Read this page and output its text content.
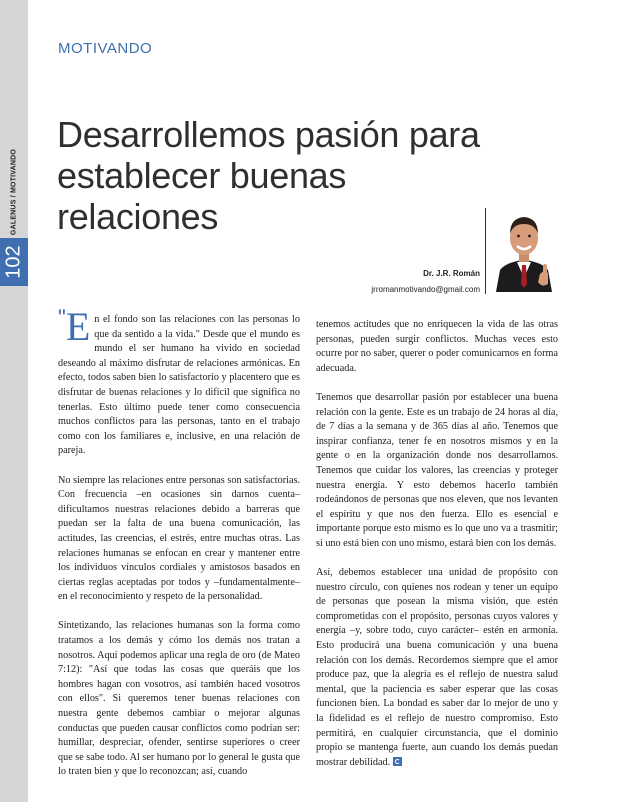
GALENUS / MOTIVANDO
102
MOTIVANDO
Desarrollemos pasión para establecer buenas relaciones
Dr. J.R. Román
jrromanmotivando@gmail.com

"E n el fondo son las relaciones con las personas lo que da sentido a la vida." Desde que el mundo es mundo el ser humano ha vivido en sociedad deseando al máximo disfrutar de relaciones armónicas. En efecto, todos saben bien lo satisfactorio y placentero que es disfrutar de buenas relaciones y lo difícil que significa no tenerlas. Esto último puede tener como consecuencia muchos conflictos para las personas, tanto en el trabajo como con los familiares e, inclusive, en una relación de pareja.

No siempre las relaciones entre personas son satisfactorias. Con frecuencia –en ocasiones sin darnos cuenta– dificultamos nuestras relaciones debido a barreras que puedan ser la falta de una buena comunicación, las actitudes, las creencias, el estrés, entre muchas otras. Las relaciones humanas se enfocan en crear y mantener entre los individuos vínculos cordiales y amistosos basados en ciertas reglas aceptadas por todos y –fundamentalmente– en el reconocimiento y respeto de la personalidad.

Sintetizando, las relaciones humanas son la forma como tratamos a los demás y cómo los demás nos tratan a nosotros. Aquí podemos aplicar una regla de oro (de Mateo 7:12): "Así que todas las cosas que queráis que los hombres hagan con vosotros, así también haced vosotros con ellos". Si queremos tener buenas relaciones con nuestra gente debemos cambiar o mejorar algunas conductas que pueden causar conflictos como podrían ser: humillar, despreciar, ofender, sentirse superiores o creer que se sabe todo. Al ser humano por lo general le gusta que lo traten bien y que lo reconozcan; así, cuando

tenemos actitudes que no enriquecen la vida de las otras personas, pueden surgir conflictos. Muchas veces esto ocurre por no saber, querer o poder comunicarnos en forma adecuada.

Tenemos que desarrollar pasión por establecer una buena relación con la gente. Este es un trabajo de 24 horas al día, de 7 días a la semana y de 365 días al año. Tenemos que inspirar confianza, tener fe en nosotros mismos y en la gente o en la organización donde nos desarrollamos. Tenemos que cuidar los valores, las creencias y proteger nuestra energía. Y esto debemos hacerlo también rodeándonos de personas que nos eleven, que nos levanten el espíritu y que nos den fuerza. Ello es esencial e importante porque esto mismo es lo que uno va a trasmitir; si uno está bien con uno mismo, estará bien con los demás.

Así, debemos establecer una unidad de propósito con nuestro círculo, con quienes nos rodean y tener un equipo de personas que posean la misma visión, que estén comprometidas con el propósito, personas cuyos valores y energía –y, sobre todo, cuyo carácter– estén en armonía. Esto producirá una buena comunicación y una buena relación con los demás. Recordemos siempre que el amor produce paz, que la alegría es el reflejo de nuestra salud mental, que la paciencia es saber esperar que las cosas funcionen bien. La bondad es saber dar lo mejor de uno y la fidelidad es el reflejo de nuestro compromiso. Esto permitirá, en cualquier circunstancia, que el dominio propio se mantenga fuerte, aun cuando los demás puedan mostrar debilidad.
